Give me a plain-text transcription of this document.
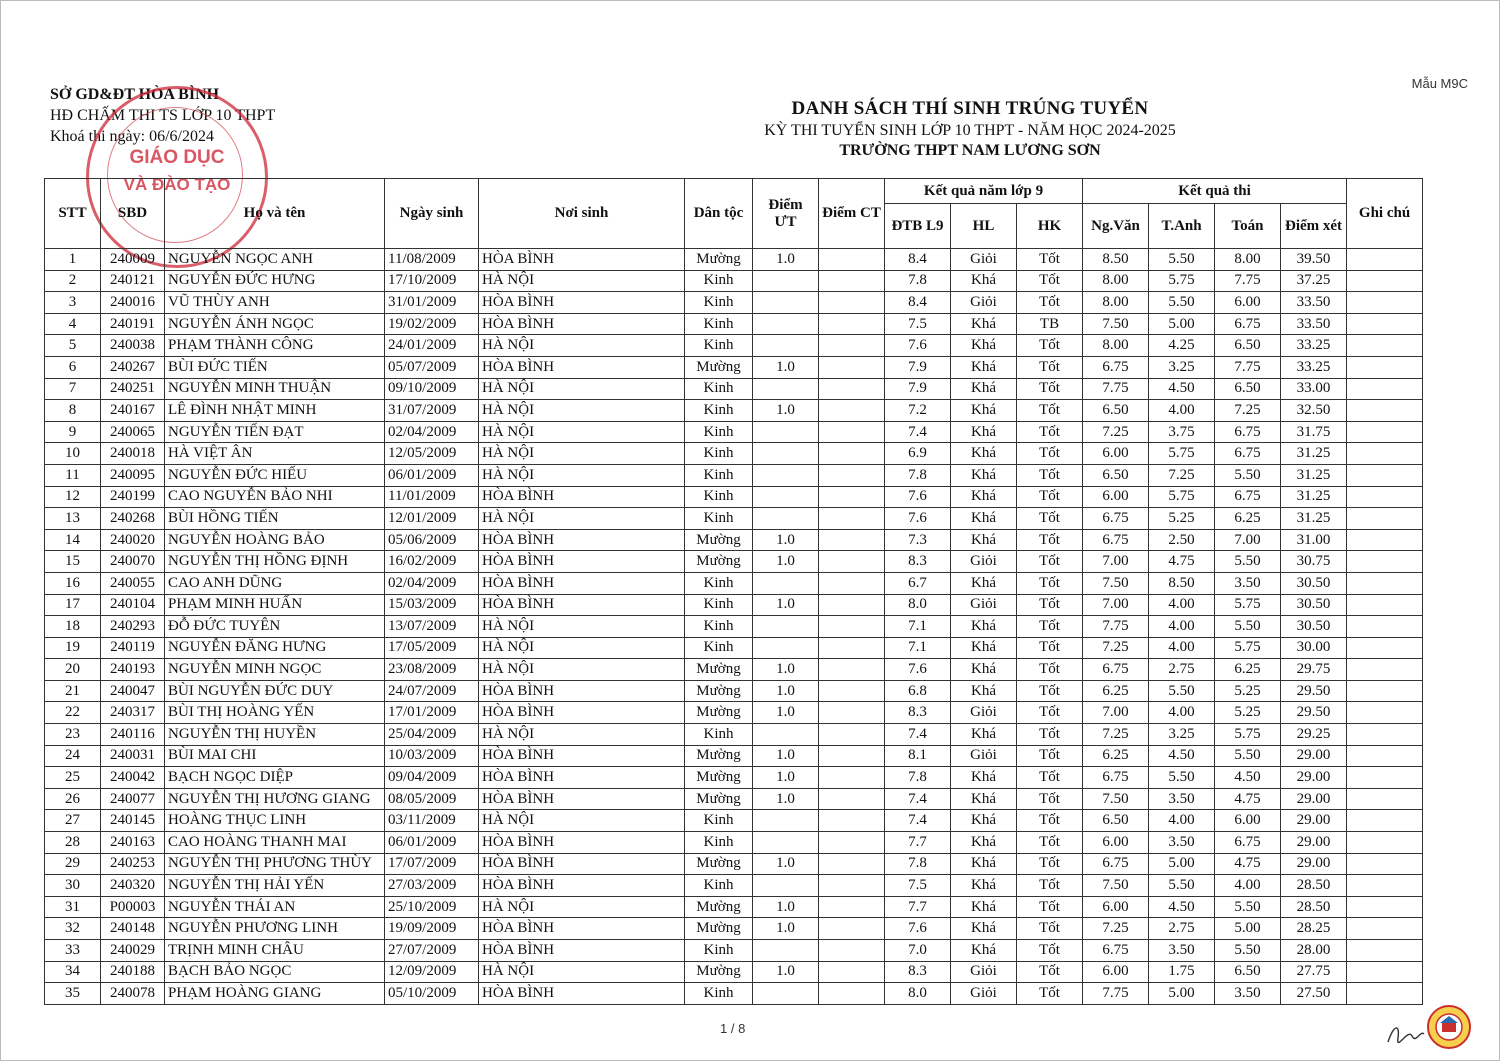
Mẫu M9C
SỞ GD&ĐT HÒA BÌNH
HĐ CHẤM THI TS LỚP 10 THPT
Khoá thi ngày: 06/6/2024
GIÁO DỤC
VÀ ĐÀO TẠO
DANH SÁCH THÍ SINH TRÚNG TUYỂN
KỲ THI TUYỂN SINH LỚP 10 THPT - NĂM HỌC 2024-2025
TRƯỜNG THPT NAM LƯƠNG SƠN
STT	SBD	Họ và tên	Ngày sinh	Nơi sinh	Dân tộc	Điểm ƯT	Điểm CT	Kết quả năm lớp 9			Kết quả thi				Ghi chú
								ĐTB L9	HL	HK	Ng.Văn	T.Anh	Toán	Điểm xét	
1	240009	NGUYỄN NGỌC ANH	11/08/2009	HÒA BÌNH	Mường	1.0		8.4	Giỏi	Tốt	8.50	5.50	8.00	39.50	
2	240121	NGUYỄN ĐỨC HƯNG	17/10/2009	HÀ NỘI	Kinh			7.8	Khá	Tốt	8.00	5.75	7.75	37.25	
3	240016	VŨ THÙY ANH	31/01/2009	HÒA BÌNH	Kinh			8.4	Giỏi	Tốt	8.00	5.50	6.00	33.50	
4	240191	NGUYỄN ÁNH NGỌC	19/02/2009	HÒA BÌNH	Kinh			7.5	Khá	TB	7.50	5.00	6.75	33.50	
5	240038	PHẠM THÀNH CÔNG	24/01/2009	HÀ NỘI	Kinh			7.6	Khá	Tốt	8.00	4.25	6.50	33.25	
6	240267	BÙI ĐỨC TIẾN	05/07/2009	HÒA BÌNH	Mường	1.0		7.9	Khá	Tốt	6.75	3.25	7.75	33.25	
7	240251	NGUYỄN MINH THUẬN	09/10/2009	HÀ NỘI	Kinh			7.9	Khá	Tốt	7.75	4.50	6.50	33.00	
8	240167	LÊ ĐÌNH NHẬT MINH	31/07/2009	HÀ NỘI	Kinh	1.0		7.2	Khá	Tốt	6.50	4.00	7.25	32.50	
9	240065	NGUYỄN TIẾN ĐẠT	02/04/2009	HÀ NỘI	Kinh			7.4	Khá	Tốt	7.25	3.75	6.75	31.75	
10	240018	HÀ VIỆT ÂN	12/05/2009	HÀ NỘI	Kinh			6.9	Khá	Tốt	6.00	5.75	6.75	31.25	
11	240095	NGUYỄN ĐỨC HIẾU	06/01/2009	HÀ NỘI	Kinh			7.8	Khá	Tốt	6.50	7.25	5.50	31.25	
12	240199	CAO NGUYỄN BẢO NHI	11/01/2009	HÒA BÌNH	Kinh			7.6	Khá	Tốt	6.00	5.75	6.75	31.25	
13	240268	BÙI HỒNG TIẾN	12/01/2009	HÀ NỘI	Kinh			7.6	Khá	Tốt	6.75	5.25	6.25	31.25	
14	240020	NGUYỄN HOÀNG BẢO	05/06/2009	HÒA BÌNH	Mường	1.0		7.3	Khá	Tốt	6.75	2.50	7.00	31.00	
15	240070	NGUYỄN THỊ HỒNG ĐỊNH	16/02/2009	HÒA BÌNH	Mường	1.0		8.3	Giỏi	Tốt	7.00	4.75	5.50	30.75	
16	240055	CAO ANH DŨNG	02/04/2009	HÒA BÌNH	Kinh			6.7	Khá	Tốt	7.50	8.50	3.50	30.50	
17	240104	PHẠM MINH HUẤN	15/03/2009	HÒA BÌNH	Kinh	1.0		8.0	Giỏi	Tốt	7.00	4.00	5.75	30.50	
18	240293	ĐỖ ĐỨC TUYÊN	13/07/2009	HÀ NỘI	Kinh			7.1	Khá	Tốt	7.75	4.00	5.50	30.50	
19	240119	NGUYỄN ĐĂNG HƯNG	17/05/2009	HÀ NỘI	Kinh			7.1	Khá	Tốt	7.25	4.00	5.75	30.00	
20	240193	NGUYỄN MINH NGỌC	23/08/2009	HÀ NỘI	Mường	1.0		7.6	Khá	Tốt	6.75	2.75	6.25	29.75	
21	240047	BÙI NGUYỄN ĐỨC DUY	24/07/2009	HÒA BÌNH	Mường	1.0		6.8	Khá	Tốt	6.25	5.50	5.25	29.50	
22	240317	BÙI THỊ HOÀNG YẾN	17/01/2009	HÒA BÌNH	Mường	1.0		8.3	Giỏi	Tốt	7.00	4.00	5.25	29.50	
23	240116	NGUYỄN THỊ HUYỀN	25/04/2009	HÀ NỘI	Kinh			7.4	Khá	Tốt	7.25	3.25	5.75	29.25	
24	240031	BÙI MAI CHI	10/03/2009	HÒA BÌNH	Mường	1.0		8.1	Giỏi	Tốt	6.25	4.50	5.50	29.00	
25	240042	BẠCH NGỌC DIỆP	09/04/2009	HÒA BÌNH	Mường	1.0		7.8	Khá	Tốt	6.75	5.50	4.50	29.00	
26	240077	NGUYỄN THỊ HƯƠNG GIANG	08/05/2009	HÒA BÌNH	Mường	1.0		7.4	Khá	Tốt	7.50	3.50	4.75	29.00	
27	240145	HOÀNG THỤC LINH	03/11/2009	HÀ NỘI	Kinh			7.4	Khá	Tốt	6.50	4.00	6.00	29.00	
28	240163	CAO HOÀNG THANH MAI	06/01/2009	HÒA BÌNH	Kinh			7.7	Khá	Tốt	6.00	3.50	6.75	29.00	
29	240253	NGUYỄN THỊ PHƯƠNG THÙY	17/07/2009	HÒA BÌNH	Mường	1.0		7.8	Khá	Tốt	6.75	5.00	4.75	29.00	
30	240320	NGUYỄN THỊ HẢI YẾN	27/03/2009	HÒA BÌNH	Kinh			7.5	Khá	Tốt	7.50	5.50	4.00	28.50	
31	P00003	NGUYỄN THÁI AN	25/10/2009	HÀ NỘI	Mường	1.0		7.7	Khá	Tốt	6.00	4.50	5.50	28.50	
32	240148	NGUYỄN PHƯƠNG LINH	19/09/2009	HÒA BÌNH	Mường	1.0		7.6	Khá	Tốt	7.25	2.75	5.00	28.25	
33	240029	TRỊNH MINH CHÂU	27/07/2009	HÒA BÌNH	Kinh			7.0	Khá	Tốt	6.75	3.50	5.50	28.00	
34	240188	BẠCH BẢO NGỌC	12/09/2009	HÀ NỘI	Mường	1.0		8.3	Giỏi	Tốt	6.00	1.75	6.50	27.75	
35	240078	PHẠM HOÀNG GIANG	05/10/2009	HÒA BÌNH	Kinh			8.0	Giỏi	Tốt	7.75	5.00	3.50	27.50	
1 / 8
